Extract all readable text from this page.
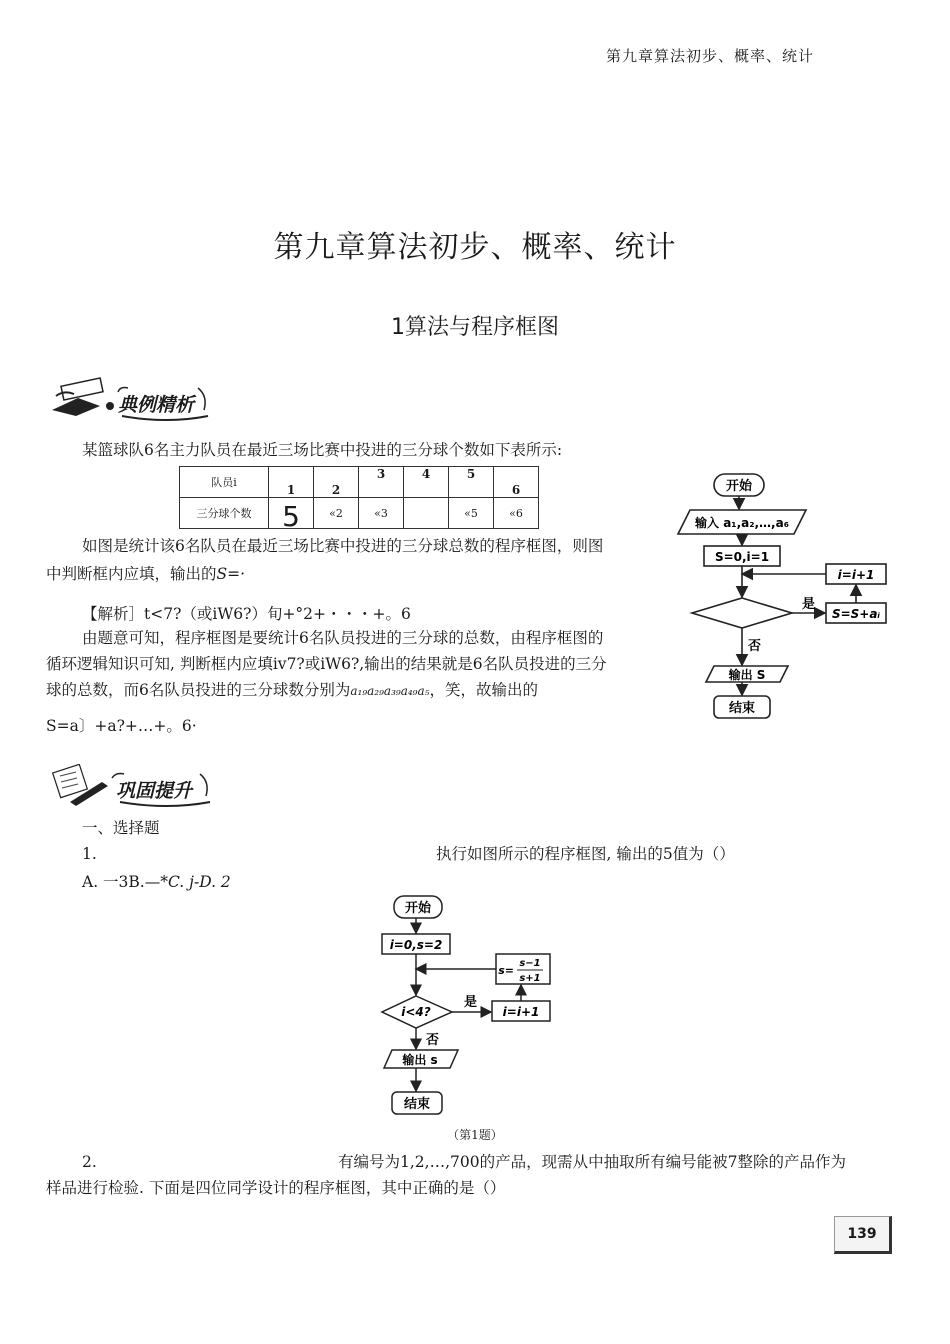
第九章算法初步、概率、统计
第九章算法初步、概率、统计
1算法与程序框图
典例精析
某篮球队6名主力队员在最近三场比赛中投进的三分球个数如下表所示:
队员i	1	2	3	4	5	6
三分球个数	5	«2	«3		«5	«6
如图是统计该6名队员在最近三场比赛中投进的三分球总数的程序框图，则图
中判断框内应填，输出的S=·
【解析］t<7?（或iW6?）旬+°2+・・・+。6
由题意可知，程序框图是要统计6名队员投进的三分球的总数，由程序框图的
循环逻辑知识可知, 判断框内应填iv7?或iW6?,输出的结果就是6名队员投进的三分
球的总数，而6名队员投进的三分球数分别为a₁₉a₂₉a₃₉a₄₉a₅，笑，故输出的
S=a〕+a?+…+。6·
开始
输入 a₁,a₂,…,a₆
S=0,i=1
i=i+1
是
S=S+aᵢ
否
输出 S
结束
巩固提升
一、选择题
1.	执行如图所示的程序框图, 输出的5值为（）
A. 一3B.—*C. j-D. 2
开始
i=0,s=2
s=
s−1
s+1
i<4?
是
i=i+1
否
输出 s
结束
（第1题）
2.	有编号为1,2,…,700的产品，现需从中抽取所有编号能被7整除的产品作为
样品进行检验. 下面是四位同学设计的程序框图，其中正确的是（）
139
